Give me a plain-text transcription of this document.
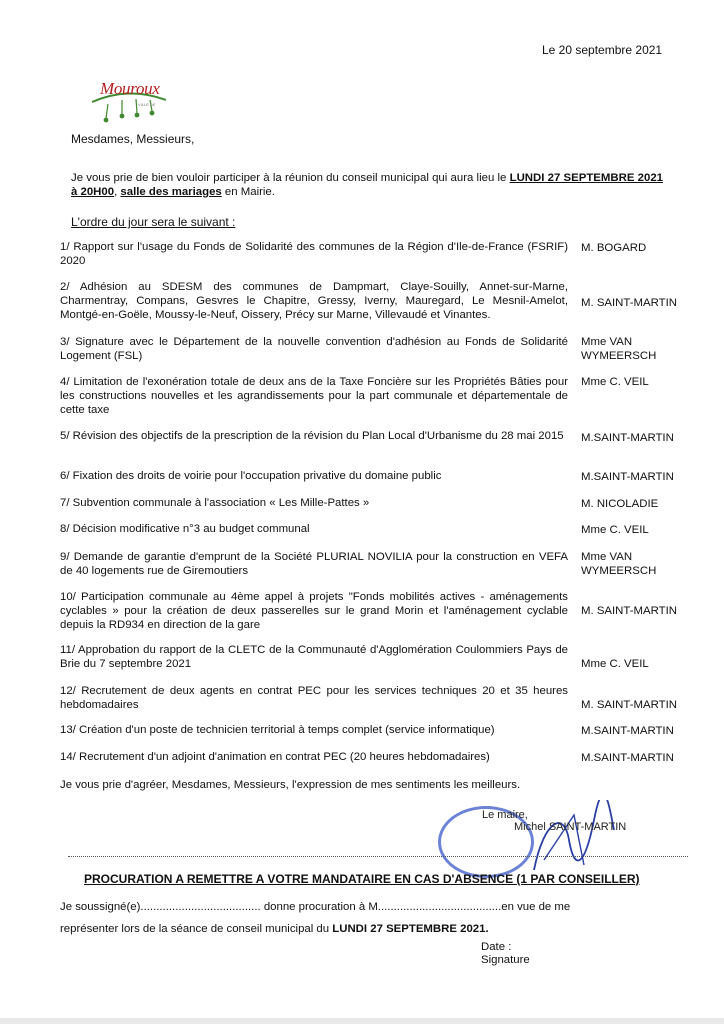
Le 20 septembre 2021
Mouroux
VILLE DE
Mesdames, Messieurs,
Je vous prie de bien vouloir participer à la réunion du conseil municipal qui aura lieu le LUNDI 27 SEPTEMBRE 2021 à 20H00, salle des mariages en Mairie.
L'ordre du jour sera le suivant :
1/ Rapport sur l'usage du Fonds de Solidarité des communes de la Région d'Ile-de-France (FSRIF) 2020
M. BOGARD
2/ Adhésion au SDESM des communes de Dampmart, Claye-Souilly, Annet-sur-Marne, Charmentray, Compans, Gesvres le Chapitre, Gressy, Iverny, Mauregard, Le Mesnil-Amelot, Montgé-en-Goële, Moussy-le-Neuf, Oissery, Précy sur Marne, Villevaudé et Vinantes.
M. SAINT-MARTIN
3/ Signature avec le Département de la nouvelle convention d'adhésion au Fonds de Solidarité Logement (FSL)
Mme VAN WYMEERSCH
4/ Limitation de l'exonération totale de deux ans de la Taxe Foncière sur les Propriétés Bâties pour les constructions nouvelles et les agrandissements pour la part communale et départementale de cette taxe
Mme C. VEIL
5/ Révision des objectifs de la prescription de la révision du Plan Local d'Urbanisme du 28 mai 2015	M.SAINT-MARTIN
6/ Fixation des droits de voirie pour l'occupation privative du domaine public	M.SAINT-MARTIN
7/ Subvention communale à l'association « Les Mille-Pattes »	M. NICOLADIE
8/ Décision modificative n°3 au budget communal	Mme C. VEIL
9/ Demande de garantie d'emprunt de la Société PLURIAL NOVILIA pour la construction en VEFA de 40 logements rue de Giremoutiers
Mme VAN WYMEERSCH
10/ Participation communale au 4ème appel à projets "Fonds mobilités actives - aménagements cyclables » pour la création de deux passerelles sur le grand Morin et l'aménagement cyclable depuis la RD934 en direction de la gare
M. SAINT-MARTIN
11/ Approbation du rapport de la CLETC de la Communauté d'Agglomération Coulommiers Pays de Brie du 7 septembre 2021	Mme C. VEIL
12/ Recrutement de deux agents en contrat PEC pour les services techniques 20 et 35 heures hebdomadaires	M. SAINT-MARTIN
13/ Création d'un poste de technicien territorial à temps complet (service informatique)	M.SAINT-MARTIN
14/ Recrutement d'un adjoint d'animation en contrat PEC (20 heures hebdomadaires)	M.SAINT-MARTIN
Je vous prie d'agréer, Mesdames, Messieurs, l'expression de mes sentiments les meilleurs.
Le maire,
Michel SAINT-MARTIN
PROCURATION A REMETTRE A VOTRE MANDATAIRE EN CAS D'ABSENCE (1 PAR CONSEILLER)
Je soussigné(e)...................................... donne procuration à M.......................................en vue de me
représenter lors de la séance de conseil municipal du LUNDI 27 SEPTEMBRE 2021.
Date :
Signature
